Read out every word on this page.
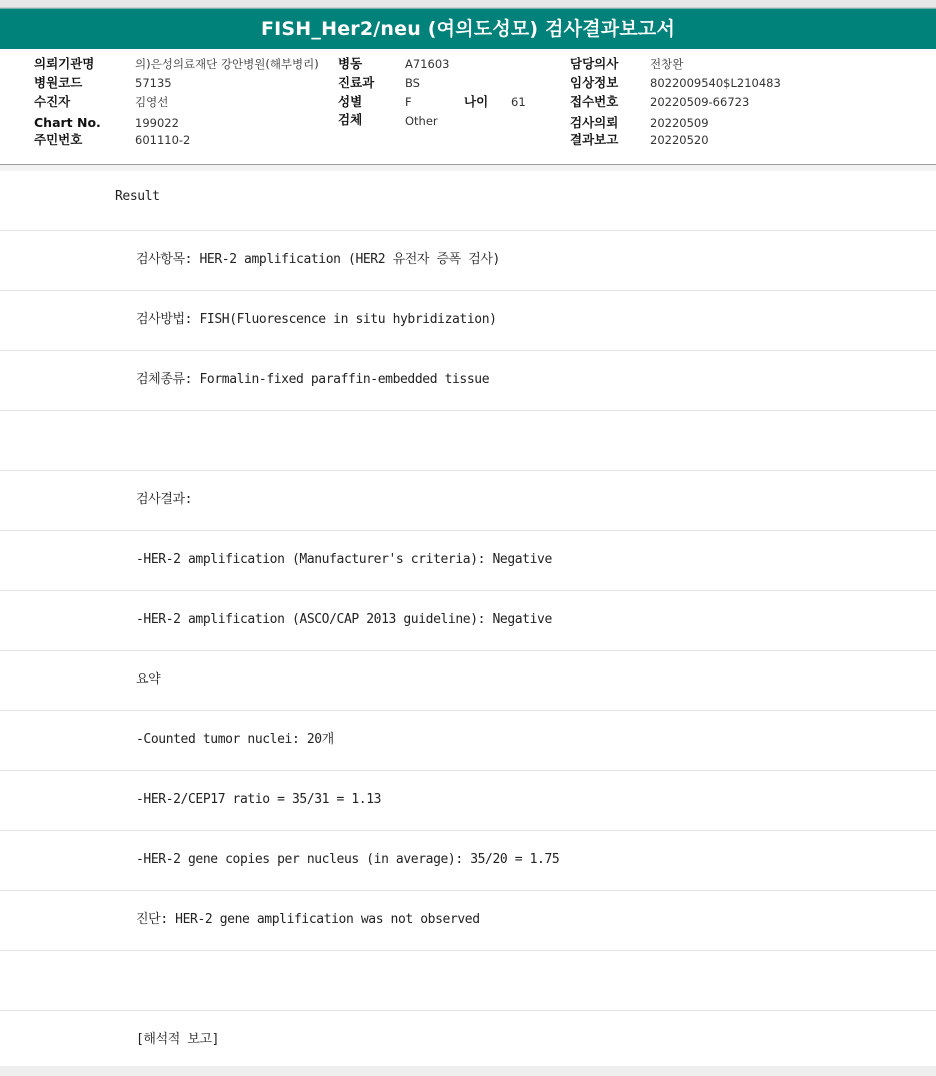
FISH_Her2/neu (여의도성모) 검사결과보고서
의뢰기관명	의)은성의료재단 강안병원(해부병리)
병원코드	57135
수진자	김영선
Chart No.	199022
주민번호	601110-2
병동	A71603
진료과	BS
성별	F	나이 61
검체	Other
담당의사	전창완
임상정보	8022009540$L210483
접수번호	20220509-66723
검사의뢰	20220509
결과보고	20220520
Result
검사항목: HER-2 amplification (HER2 유전자 증폭 검사)
검사방법: FISH(Fluorescence in situ hybridization)
검체종류: Formalin-fixed paraffin-embedded tissue
검사결과:
-HER-2 amplification (Manufacturer's criteria): Negative
-HER-2 amplification (ASCO/CAP 2013 guideline): Negative
요약
-Counted tumor nuclei: 20개
-HER-2/CEP17 ratio = 35/31 = 1.13
-HER-2 gene copies per nucleus (in average): 35/20 = 1.75
진단: HER-2 gene amplification was not observed
[해석적 보고]
